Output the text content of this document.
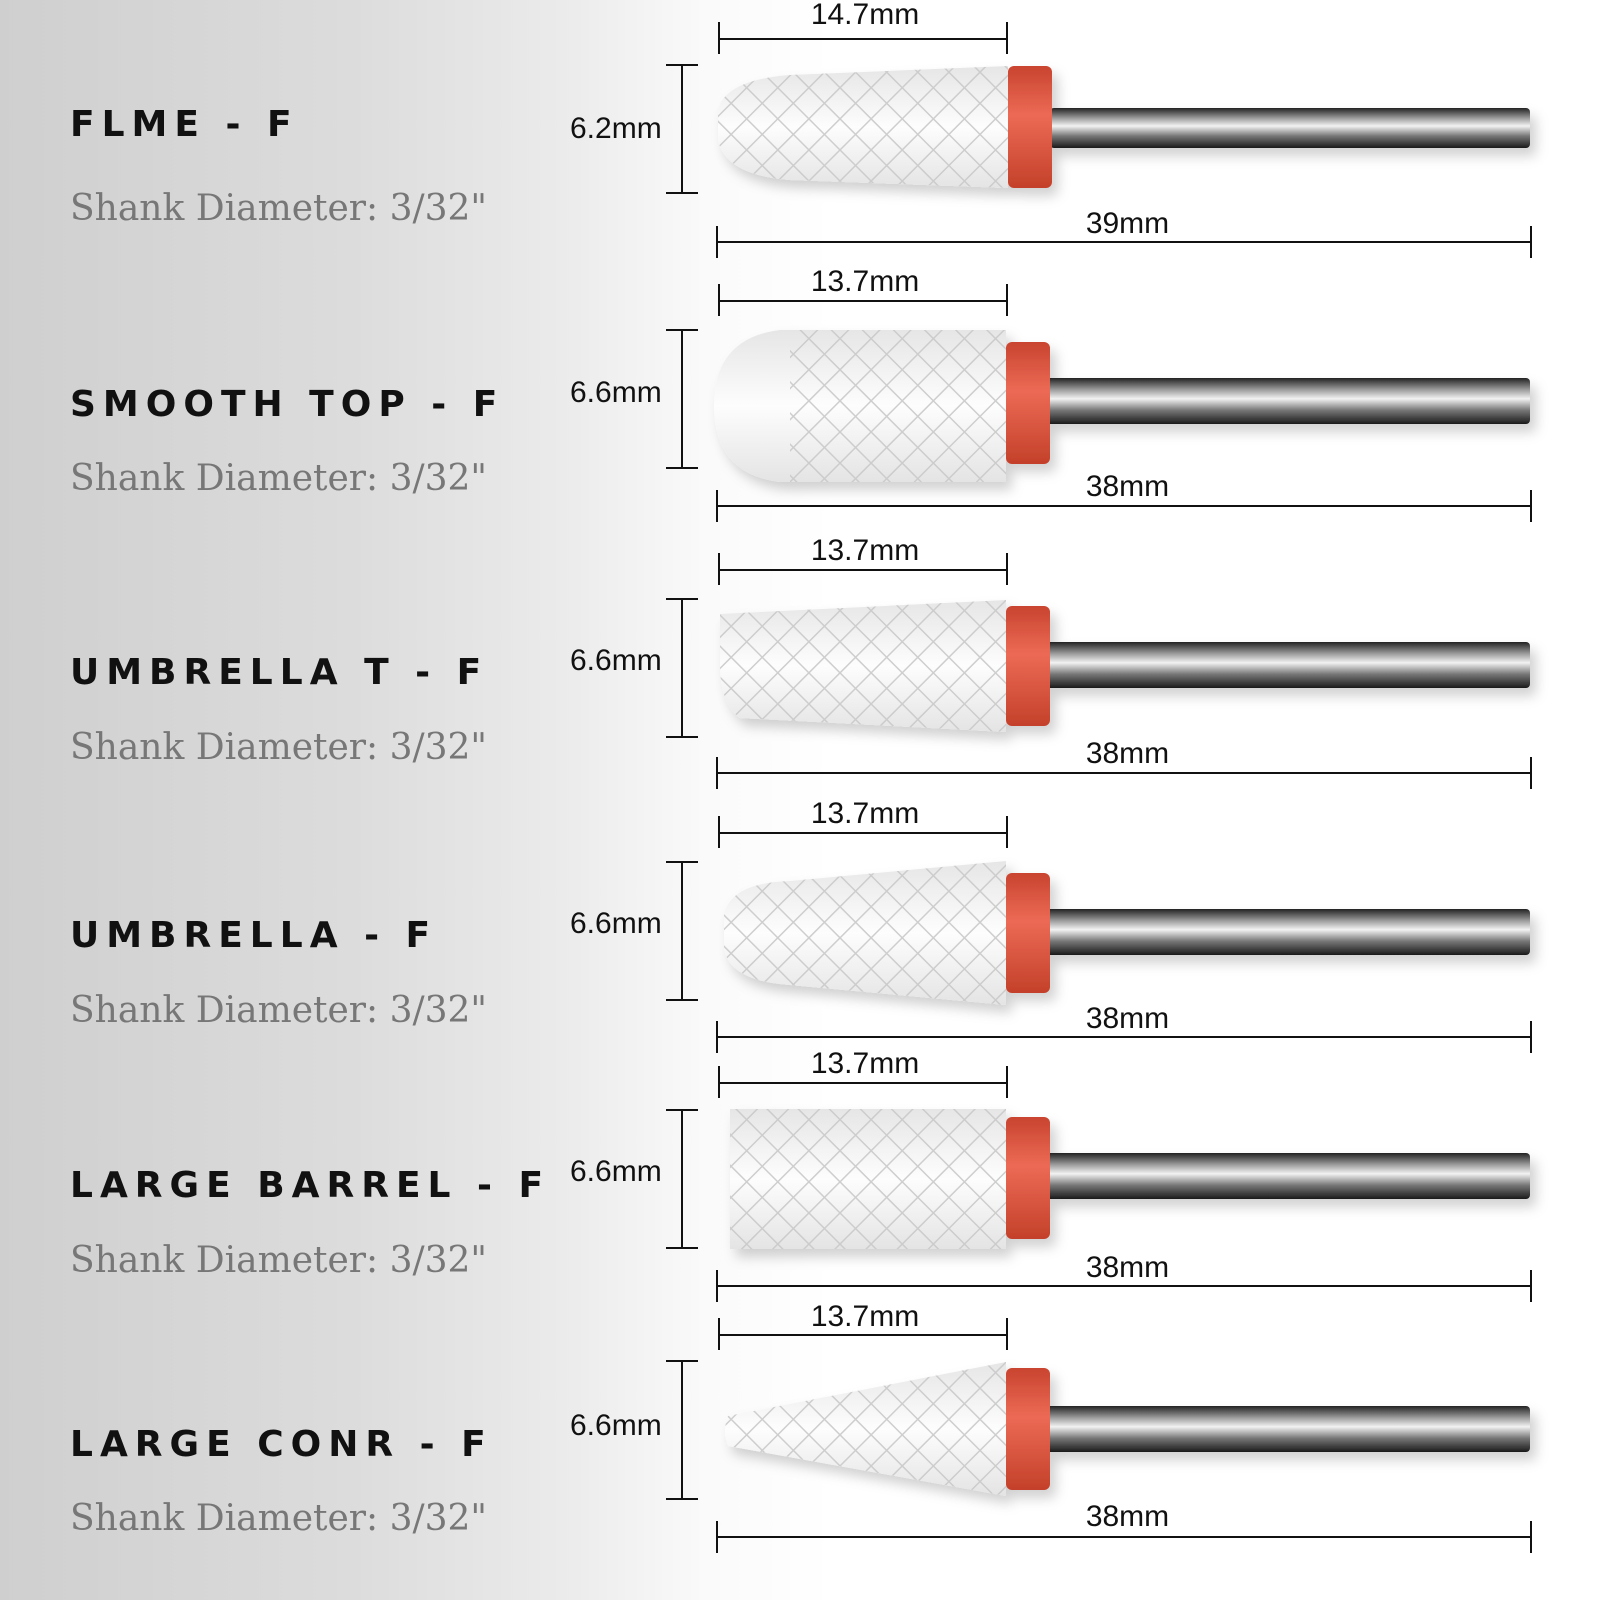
FLME - F
Shank Diameter: 3/32"
14.7mm
6.2mm
39mm
SMOOTH TOP - F
Shank Diameter: 3/32"
13.7mm
6.6mm
38mm
UMBRELLA T - F
Shank Diameter: 3/32"
13.7mm
6.6mm
38mm
UMBRELLA - F
Shank Diameter: 3/32"
13.7mm
6.6mm
38mm
LARGE BARREL - F
Shank Diameter: 3/32"
13.7mm
6.6mm
38mm
LARGE CONR - F
Shank Diameter: 3/32"
13.7mm
6.6mm
38mm
